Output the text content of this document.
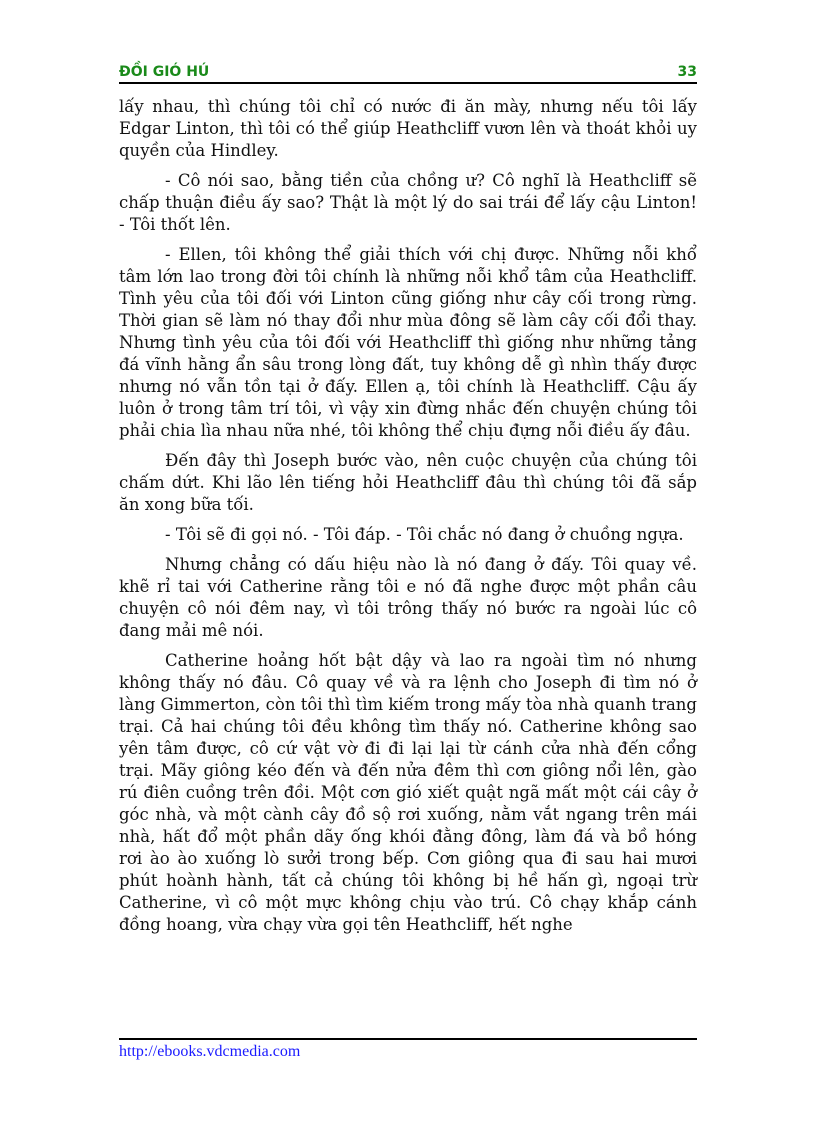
ĐỒI GIÓ HÚ	33

lấy nhau, thì chúng tôi chỉ có nước đi ăn mày, nhưng nếu tôi lấy Edgar Linton, thì tôi có thể giúp Heathcliff vươn lên và thoát khỏi uy quyền của Hindley.

- Cô nói sao, bằng tiền của chồng ư? Cô nghĩ là Heathcliff sẽ chấp thuận điều ấy sao? Thật là một lý do sai trái để lấy cậu Linton! - Tôi thốt lên.

- Ellen, tôi không thể giải thích với chị được. Những nỗi khổ tâm lớn lao trong đời tôi chính là những nỗi khổ tâm của Heathcliff. Tình yêu của tôi đối với Linton cũng giống như cây cối trong rừng. Thời gian sẽ làm nó thay đổi như mùa đông sẽ làm cây cối đổi thay. Nhưng tình yêu của tôi đối với Heathcliff thì giống như những tảng đá vĩnh hằng ẩn sâu trong lòng đất, tuy không dễ gì nhìn thấy được nhưng nó vẫn tồn tại ở đấy. Ellen ạ, tôi chính là Heathcliff. Cậu ấy luôn ở trong tâm trí tôi, vì vậy xin đừng nhắc đến chuyện chúng tôi phải chia lìa nhau nữa nhé, tôi không thể chịu đựng nỗi điều ấy đâu.

Đến đây thì Joseph bước vào, nên cuộc chuyện của chúng tôi chấm dứt. Khi lão lên tiếng hỏi Heathcliff đâu thì chúng tôi đã sắp ăn xong bữa tối.

- Tôi sẽ đi gọi nó. - Tôi đáp. - Tôi chắc nó đang ở chuồng ngựa.

Nhưng chẳng có dấu hiệu nào là nó đang ở đấy. Tôi quay về. khẽ rỉ tai với Catherine rằng tôi e nó đã nghe được một phần câu chuyện cô nói đêm nay, vì tôi trông thấy nó bước ra ngoài lúc cô đang mải mê nói.

Catherine hoảng hốt bật dậy và lao ra ngoài tìm nó nhưng không thấy nó đâu. Cô quay về và ra lệnh cho Joseph đi tìm nó ở làng Gimmerton, còn tôi thì tìm kiếm trong mấy tòa nhà quanh trang trại. Cả hai chúng tôi đều không tìm thấy nó. Catherine không sao yên tâm được, cô cứ vật vờ đi đi lại lại từ cánh cửa nhà đến cổng trại. Mãy giông kéo đến và đến nửa đêm thì cơn giông nổi lên, gào rú điên cuồng trên đồi. Một cơn gió xiết quật ngã mất một cái cây ở góc nhà, và một cành cây đồ sộ rơi xuống, nằm vắt ngang trên mái nhà, hất đổ một phần dãy ống khói đằng đông, làm đá và bồ hóng rơi ào ào xuống lò sưởi trong bếp. Cơn giông qua đi sau hai mươi phút hoành hành, tất cả chúng tôi không bị hề hấn gì, ngoại trừ Catherine, vì cô một mực không chịu vào trú. Cô chạy khắp cánh đồng hoang, vừa chạy vừa gọi tên Heathcliff, hết nghe

http://ebooks.vdcmedia.com
